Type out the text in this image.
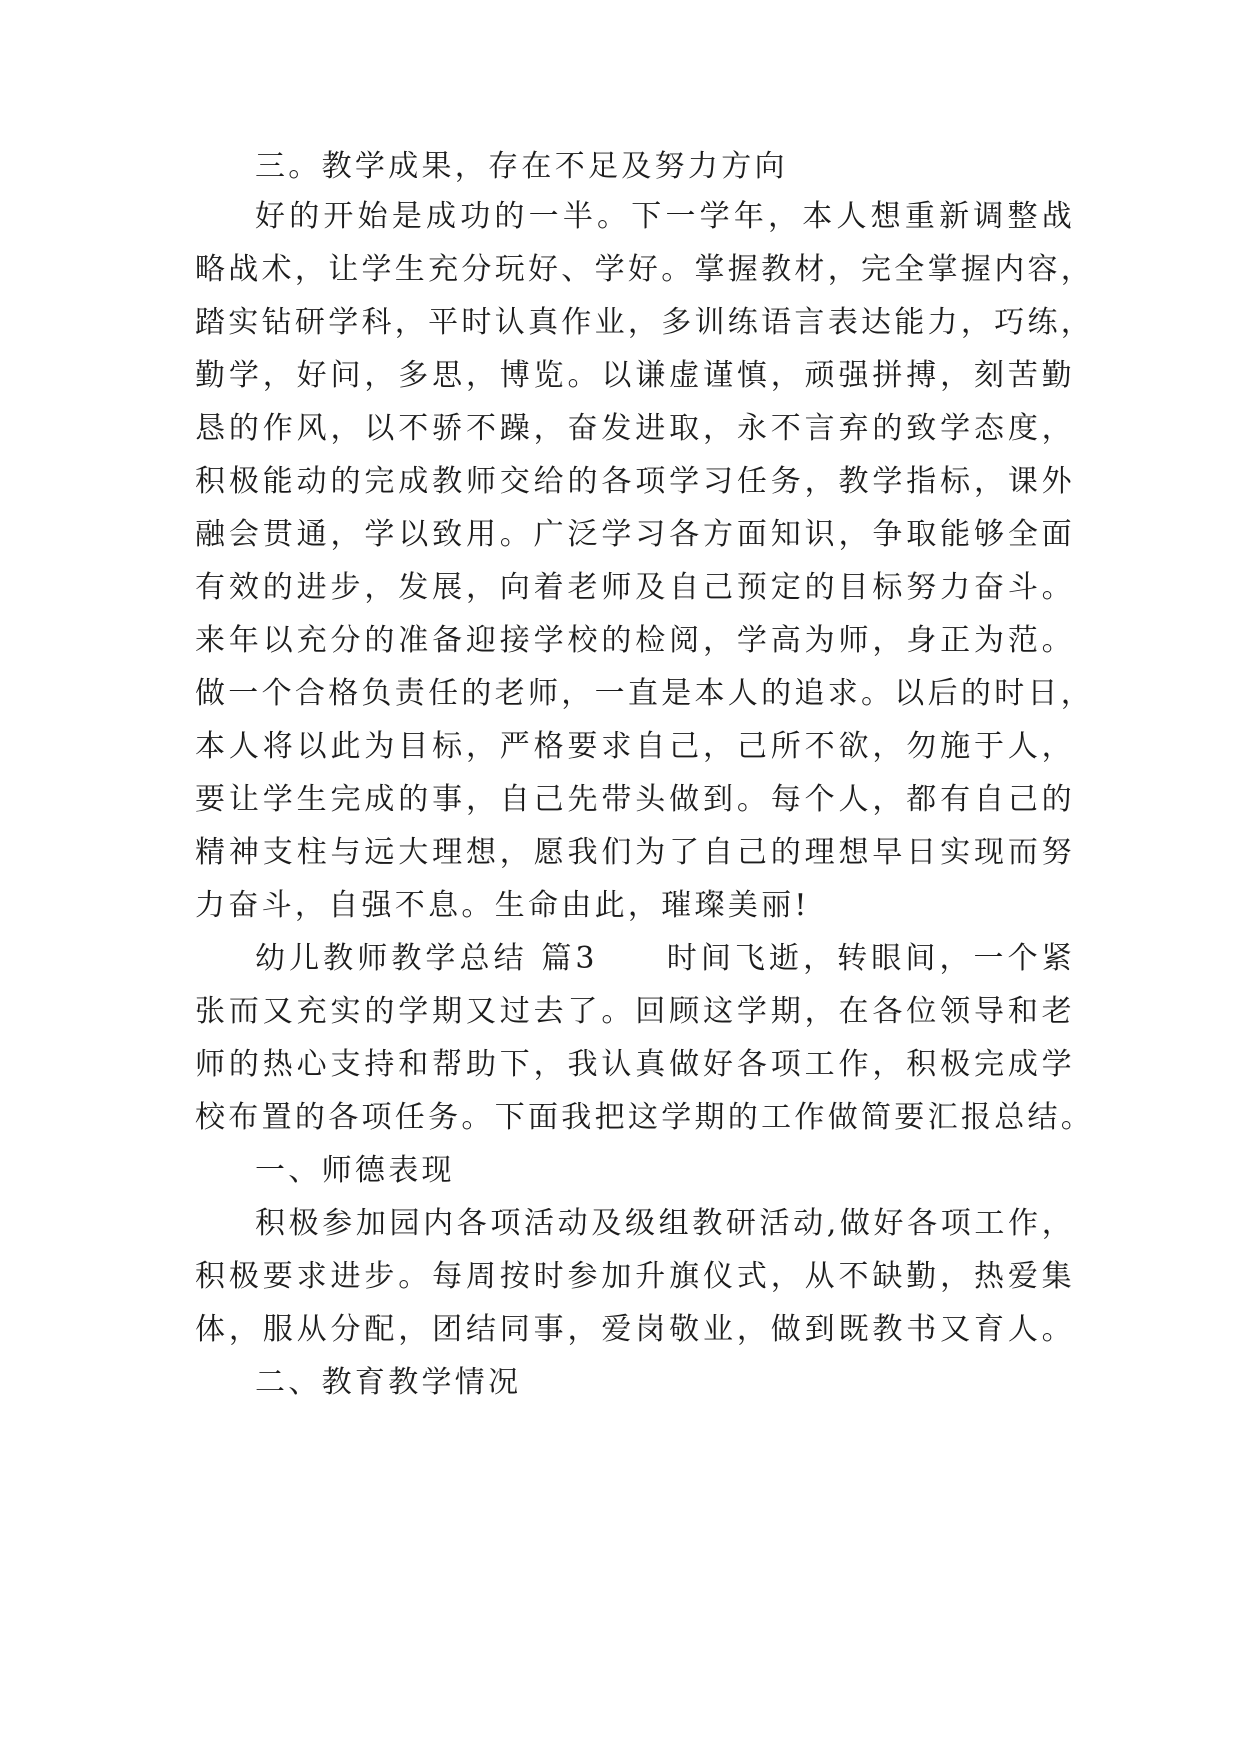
三。教学成果，存在不足及努力方向
好的开始是成功的一半。下一学年，本人想重新调整战
略战术，让学生充分玩好、学好。掌握教材，完全掌握内容，
踏实钻研学科，平时认真作业，多训练语言表达能力，巧练，
勤学，好问，多思，博览。以谦虚谨慎，顽强拼搏，刻苦勤
恳的作风，以不骄不躁，奋发进取，永不言弃的致学态度，
积极能动的完成教师交给的各项学习任务，教学指标，课外
融会贯通，学以致用。广泛学习各方面知识，争取能够全面
有效的进步，发展，向着老师及自己预定的目标努力奋斗。
来年以充分的准备迎接学校的检阅，学高为师，身正为范。
做一个合格负责任的老师，一直是本人的追求。以后的时日，
本人将以此为目标，严格要求自己，己所不欲，勿施于人，
要让学生完成的事，自己先带头做到。每个人，都有自己的
精神支柱与远大理想，愿我们为了自己的理想早日实现而努
力奋斗，自强不息。生命由此，璀璨美丽!
幼儿教师教学总结 篇3　　时间飞逝，转眼间，一个紧
张而又充实的学期又过去了。回顾这学期，在各位领导和老
师的热心支持和帮助下，我认真做好各项工作，积极完成学
校布置的各项任务。下面我把这学期的工作做简要汇报总结。
一、师德表现
积极参加园内各项活动及级组教研活动,做好各项工作，
积极要求进步。每周按时参加升旗仪式，从不缺勤，热爱集
体，服从分配，团结同事，爱岗敬业，做到既教书又育人。
二、教育教学情况
